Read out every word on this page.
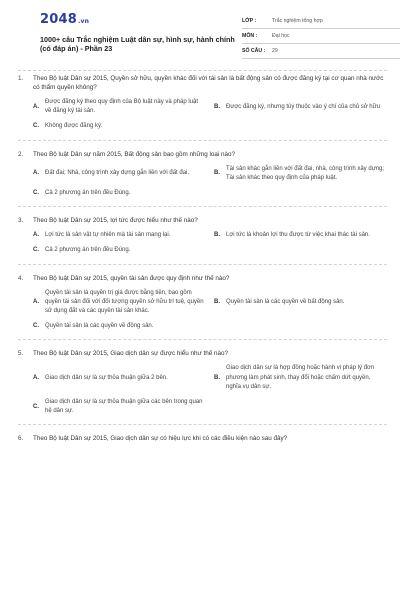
2048.vn
1000+ câu Trắc nghiệm Luật dân sự, hình sự, hành chính (có đáp án) - Phần 23
LỚP :	Trắc nghiệm tổng hợp
MÔN :	Đại học
SỐ CÂU :	29
1.	Theo Bộ luật Dân sự 2015, Quyền sở hữu, quyền khác đối với tài sản là bất động sản có được đăng ký tại cơ quan nhà nước có thẩm quyền không?
A.
Được đăng ký theo quy định của Bộ luật này và pháp luật về đăng ký tài sản.
B.	Được đăng ký, nhưng tùy thuộc vào ý chí của chủ sở hữu
C.	Không được đăng ký.
2.	Theo Bộ luật Dân sự năm 2015, Bất động sản bao gồm những loại nào?
A.	Đất đai; Nhà, công trình xây dựng gắn liền với đất đai.	B.
Tài sản khác gắn liền với đất đai, nhà, công trình xây dựng; Tài sản khác theo quy định của pháp luật.
C.	Cả 2 phương án trên đều Đúng.
3.	Theo Bộ luật Dân sự 2015, lợi tức được hiểu như thế nào?
A.	Lợi tức là sản vật tự nhiên mà tài sản mang lại.	B.	Lợi tức là khoản lợi thu được từ việc khai thác tài sản.
C.	Cả 2 phương án trên đều Đúng.
4.	Theo Bộ luật Dân sự 2015, quyền tài sản được quy định như thế nào?
A.
Quyền tài sản là quyền trị giá được bằng tiền, bao gồm quyền tài sản đối với đối tượng quyền sở hữu trí tuệ, quyền sử dụng đất và các quyền tài sản khác.
B.	Quyền tài sản là các quyền về bất động sản.
C.	Quyền tài sản là các quyền về động sản.
5.	Theo Bộ luật Dân sự 2015, Giao dịch dân sự được hiểu như thế nào?
A.	Giao dịch dân sự là sự thỏa thuận giữa 2 bên.	B.
Giao dịch dân sự là hợp đồng hoặc hành vi pháp lý đơn phương làm phát sinh, thay đổi hoặc chấm dứt quyền, nghĩa vụ dân sự.
C.
Giao dịch dân sự là sự thỏa thuận giữa các bên trong quan hệ dân sự.
6.	Theo Bộ luật Dân sự 2015, Giao dịch dân sự có hiệu lực khi có các điều kiện nào sau đây?
